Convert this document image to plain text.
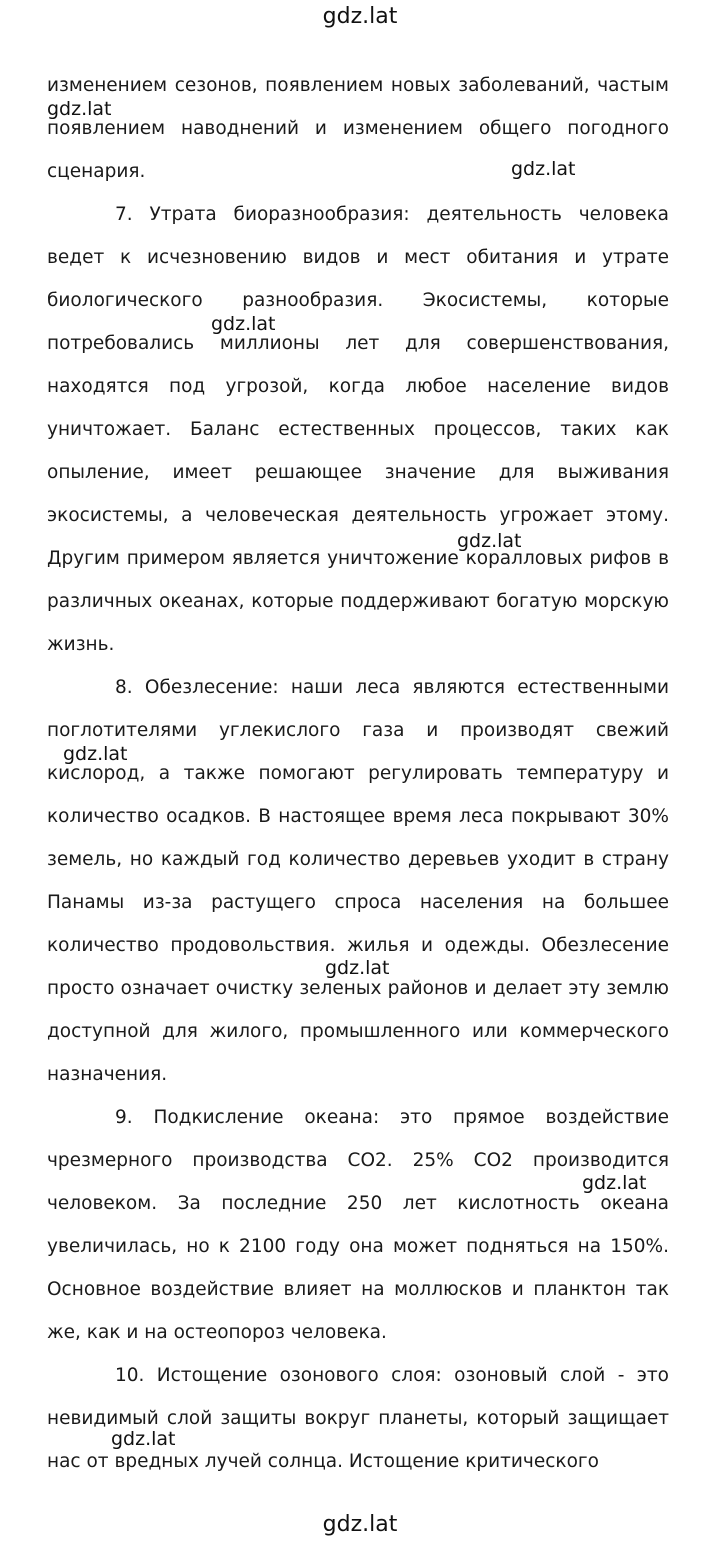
gdz.lat

изменением сезонов, появлением новых заболеваний, частым появлением наводнений и изменением общего погодного сценария.

7. Утрата биоразнообразия: деятельность человека ведет к исчезновению видов и мест обитания и утрате биологического разнообразия. Экосистемы, которые потребовались миллионы лет для совершенствования, находятся под угрозой, когда любое население видов уничтожает. Баланс естественных процессов, таких как опыление, имеет решающее значение для выживания экосистемы, а человеческая деятельность угрожает этому. Другим примером является уничтожение коралловых рифов в различных океанах, которые поддерживают богатую морскую жизнь.

8. Обезлесение: наши леса являются естественными поглотителями углекислого газа и производят свежий кислород, а также помогают регулировать температуру и количество осадков. В настоящее время леса покрывают 30% земель, но каждый год количество деревьев уходит в страну Панамы из-за растущего спроса населения на большее количество продовольствия. жилья и одежды. Обезлесение просто означает очистку зеленых районов и делает эту землю доступной для жилого, промышленного или коммерческого назначения.

9. Подкисление океана: это прямое воздействие чрезмерного производства CO2. 25% CO2 производится человеком. За последние 250 лет кислотность океана увеличилась, но к 2100 году она может подняться на 150%. Основное воздействие влияет на моллюсков и планктон так же, как и на остеопороз человека.

10. Истощение озонового слоя: озоновый слой - это невидимый слой защиты вокруг планеты, который защищает нас от вредных лучей солнца. Истощение критического

gdz.lat
gdz.lat
gdz.lat
gdz.lat
gdz.lat
gdz.lat
gdz.lat
gdz.lat
gdz.lat
